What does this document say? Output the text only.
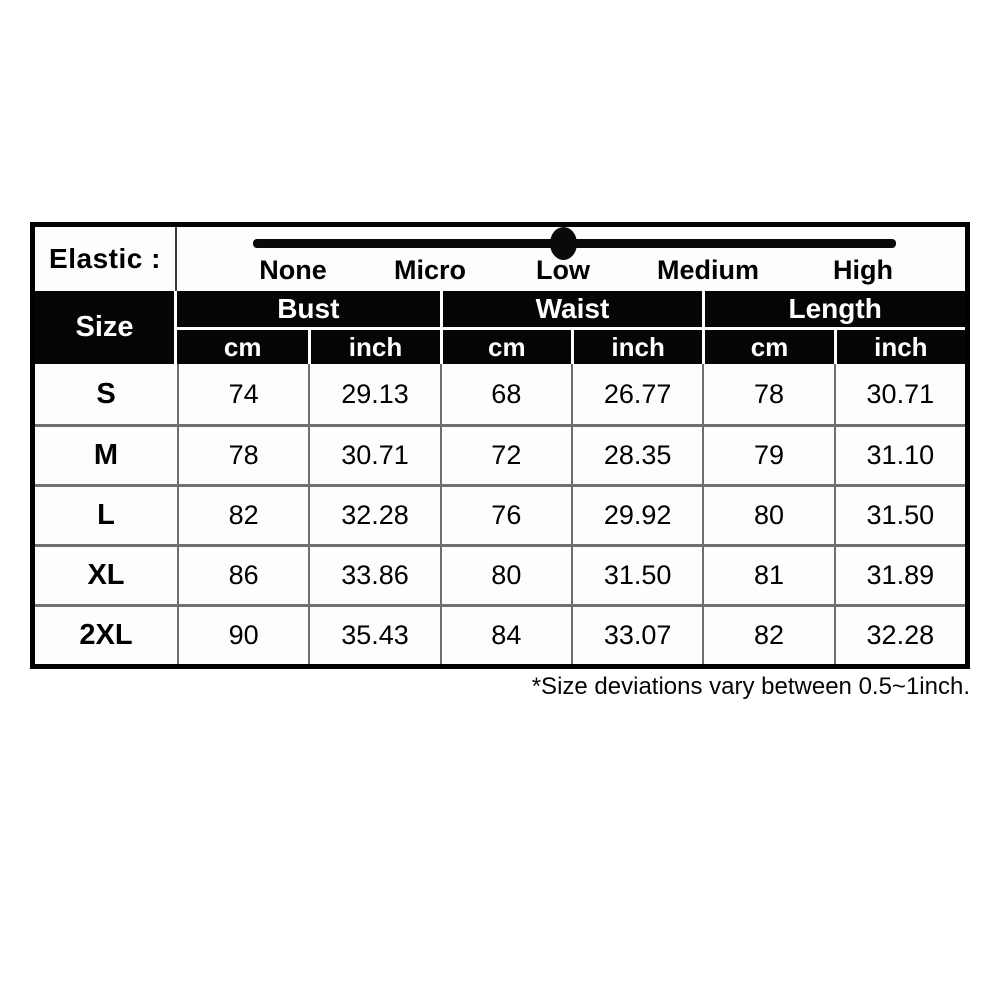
Elastic :	None Micro	Low Medium	High
Size
Bust	Waist	Length
cm	inch	cm	inch	cm	inch
S	74	29.13	68	26.77	78	30.71
M	78	30.71	72	28.35	79	31.10
L	82	32.28	76	29.92	80	31.50
XL	86	33.86	80	31.50	81	31.89
2XL	90	35.43	84	33.07	82	32.28
*Size deviations vary between 0.5~1inch.
